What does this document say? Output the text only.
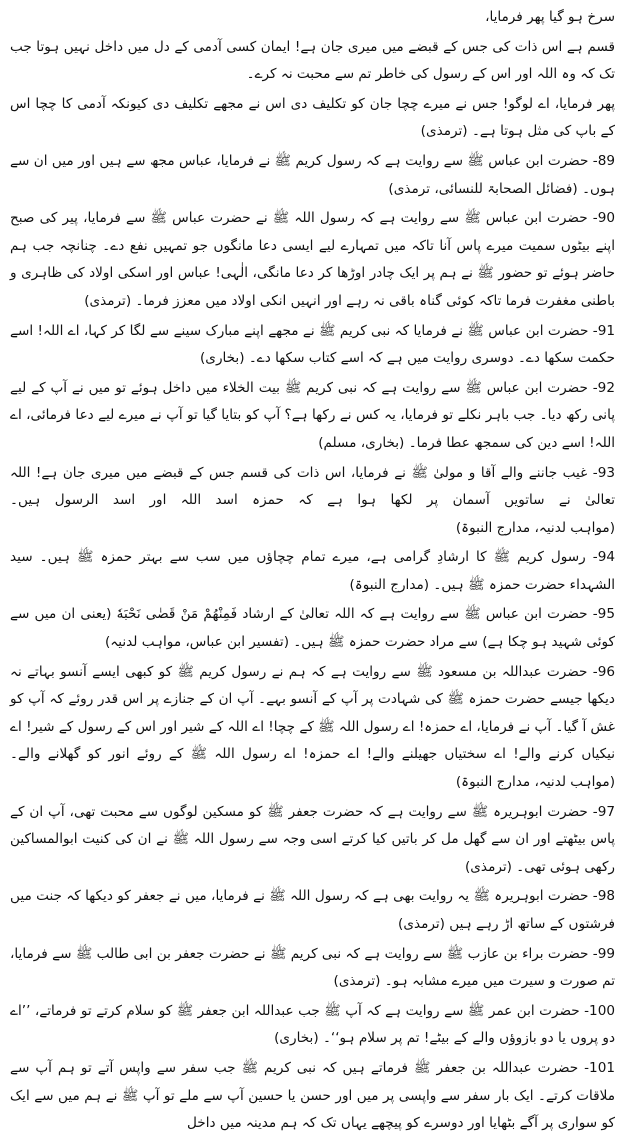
سرخ ہو گیا پھر فرمایا،

قسم ہے اس ذات کی جس کے قبضے میں میری جان ہے! ایمان کسی آدمی کے دل میں داخل نہیں ہوتا جب تک کہ وہ اللہ اور اس کے رسول کی خاطر تم سے محبت نہ کرے۔

پھر فرمایا، اے لوگو! جس نے میرے چچا جان کو تکلیف دی اس نے مجھے تکلیف دی کیونکہ آدمی کا چچا اس کے باپ کی مثل ہوتا ہے۔ (ترمذی)

89- حضرت ابن عباس ﷺ سے روایت ہے کہ رسول کریم ﷺ نے فرمایا، عباس مجھ سے ہیں اور میں ان سے ہوں۔ (فضائل الصحابۃ للنسائی، ترمذی)

90- حضرت ابن عباس ﷺ سے روایت ہے کہ رسول اللہ ﷺ نے حضرت عباس ﷺ سے فرمایا، پیر کی صبح اپنے بیٹوں سمیت میرے پاس آنا تاکہ میں تمہارے لیے ایسی دعا مانگوں جو تمہیں نفع دے۔ چنانچہ جب ہم حاضر ہوئے تو حضور ﷺ نے ہم پر ایک چادر اوڑھا کر دعا مانگی، الٰہی! عباس اور اسکی اولاد کی ظاہری و باطنی مغفرت فرما تاکہ کوئی گناہ باقی نہ رہے اور انہیں انکی اولاد میں معزز فرما۔ (ترمذی)

91- حضرت ابن عباس ﷺ نے فرمایا کہ نبی کریم ﷺ نے مجھے اپنے مبارک سینے سے لگا کر کہا، اے اللہ! اسے حکمت سکھا دے۔ دوسری روایت میں ہے کہ اسے کتاب سکھا دے۔ (بخاری)

92- حضرت ابن عباس ﷺ سے روایت ہے کہ نبی کریم ﷺ بیت الخلاء میں داخل ہوئے تو میں نے آپ کے لیے پانی رکھ دیا۔ جب باہر نکلے تو فرمایا، یہ کس نے رکھا ہے؟ آپ کو بتایا گیا تو آپ نے میرے لیے دعا فرمائی، اے اللہ! اسے دین کی سمجھ عطا فرما۔ (بخاری، مسلم)

93- غیب جاننے والے آقا و مولیٰ ﷺ نے فرمایا، اس ذات کی قسم جس کے قبضے میں میری جان ہے! اللہ تعالیٰ نے ساتویں آسمان پر لکھا ہوا ہے کہ حمزہ اسد اللہ اور اسد الرسول ہیں۔ (مواہب لدنیہ، مدارج النبوۃ)

94- رسول کریم ﷺ کا ارشادِ گرامی ہے، میرے تمام چچاؤں میں سب سے بہتر حمزہ ﷺ ہیں۔ سید الشہداء حضرت حمزہ ﷺ ہیں۔ (مدارج النبوۃ)

95- حضرت ابن عباس ﷺ سے روایت ہے کہ اللہ تعالیٰ کے ارشاد فَمِنْهُمْ مَنْ قَضٰى نَحْبَهٗ (یعنی ان میں سے کوئی شہید ہو چکا ہے) سے مراد حضرت حمزہ ﷺ ہیں۔ (تفسیر ابن عباس، مواہب لدنیہ)

96- حضرت عبداللہ بن مسعود ﷺ سے روایت ہے کہ ہم نے رسول کریم ﷺ کو کبھی ایسے آنسو بہاتے نہ دیکھا جیسے حضرت حمزہ ﷺ کی شہادت پر آپ کے آنسو بہے۔ آپ ان کے جنازے پر اس قدر روئے کہ آپ کو غش آ گیا۔ آپ نے فرمایا، اے حمزہ! اے رسول اللہ ﷺ کے چچا! اے اللہ کے شیر اور اس کے رسول کے شیر! اے نیکیاں کرنے والے! اے سختیاں جھیلنے والے! اے حمزہ! اے رسول اللہ ﷺ کے روئے انور کو گھلانے والے۔ (مواہب لدنیہ، مدارج النبوۃ)

97- حضرت ابوہریرہ ﷺ سے روایت ہے کہ حضرت جعفر ﷺ کو مسکین لوگوں سے محبت تھی، آپ ان کے پاس بیٹھتے اور ان سے گھل مل کر باتیں کیا کرتے اسی وجہ سے رسول اللہ ﷺ نے ان کی کنیت ابوالمساکین رکھی ہوئی تھی۔ (ترمذی)

98- حضرت ابوہریرہ ﷺ یہ روایت بھی ہے کہ رسول اللہ ﷺ نے فرمایا، میں نے جعفر کو دیکھا کہ جنت میں فرشتوں کے ساتھ اڑ رہے ہیں (ترمذی)

99- حضرت براء بن عازب ﷺ سے روایت ہے کہ نبی کریم ﷺ نے حضرت جعفر بن ابی طالب ﷺ سے فرمایا، تم صورت و سیرت میں میرے مشابہ ہو۔ (ترمذی)

100- حضرت ابن عمر ﷺ سے روایت ہے کہ آپ ﷺ جب عبداللہ ابن جعفر ﷺ کو سلام کرتے تو فرماتے، ’’اے دو پروں یا دو بازوؤں والے کے بیٹے! تم پر سلام ہو‘‘۔ (بخاری)

101- حضرت عبداللہ بن جعفر ﷺ فرماتے ہیں کہ نبی کریم ﷺ جب سفر سے واپس آتے تو ہم آپ سے ملاقات کرتے۔ ایک بار سفر سے واپسی پر میں اور حسن یا حسین آپ سے ملے تو آپ ﷺ نے ہم میں سے ایک کو سواری پر آگے بٹھایا اور دوسرے کو پیچھے یہاں تک کہ ہم مدینہ میں داخل
